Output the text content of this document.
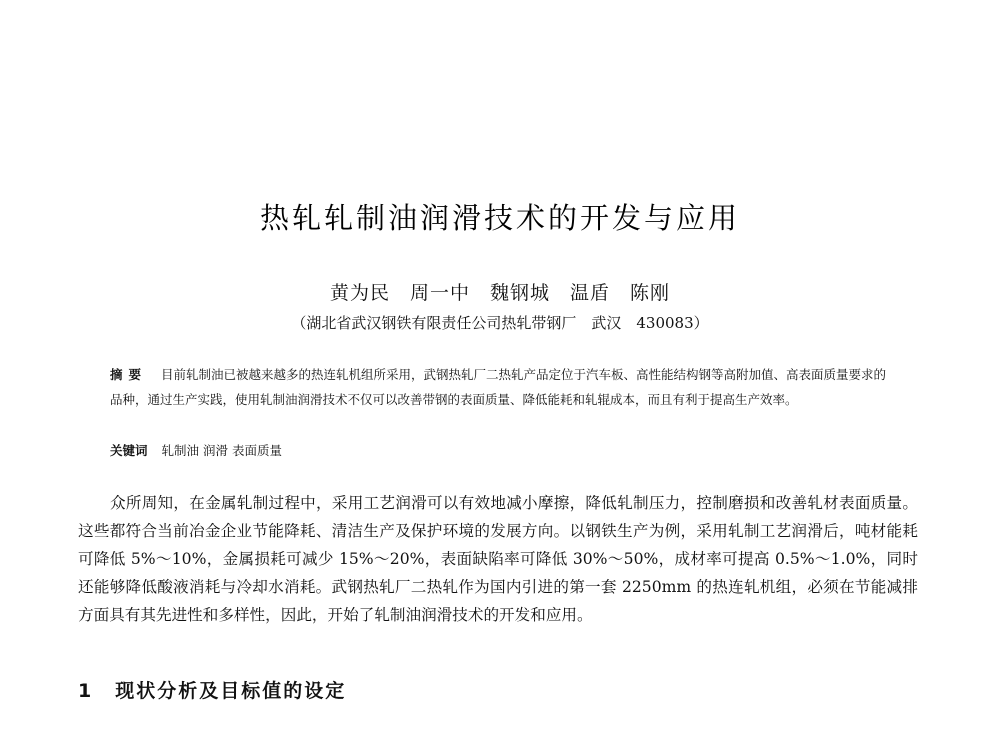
热轧轧制油润滑技术的开发与应用
黄为民　周一中　魏钢城　温盾　陈刚
（湖北省武汉钢铁有限责任公司热轧带钢厂　武汉　430083）
摘要 目前轧制油已被越来越多的热连轧机组所采用，武钢热轧厂二热轧产品定位于汽车板、高性能结构钢等高附加值、高表面质量要求的品种，通过生产实践，使用轧制油润滑技术不仅可以改善带钢的表面质量、降低能耗和轧辊成本，而且有利于提高生产效率。
关键词 轧制油 润滑 表面质量

众所周知，在金属轧制过程中，采用工艺润滑可以有效地减小摩擦，降低轧制压力，控制磨损和改善轧材表面质量。这些都符合当前冶金企业节能降耗、清洁生产及保护环境的发展方向。以钢铁生产为例，采用轧制工艺润滑后，吨材能耗可降低 5%～10%，金属损耗可减少 15%～20%，表面缺陷率可降低 30%～50%，成材率可提高 0.5%～1.0%，同时还能够降低酸液消耗与冷却水消耗。武钢热轧厂二热轧作为国内引进的第一套 2250mm 的热连轧机组，必须在节能减排方面具有其先进性和多样性，因此，开始了轧制油润滑技术的开发和应用。

1 现状分析及目标值的设定
